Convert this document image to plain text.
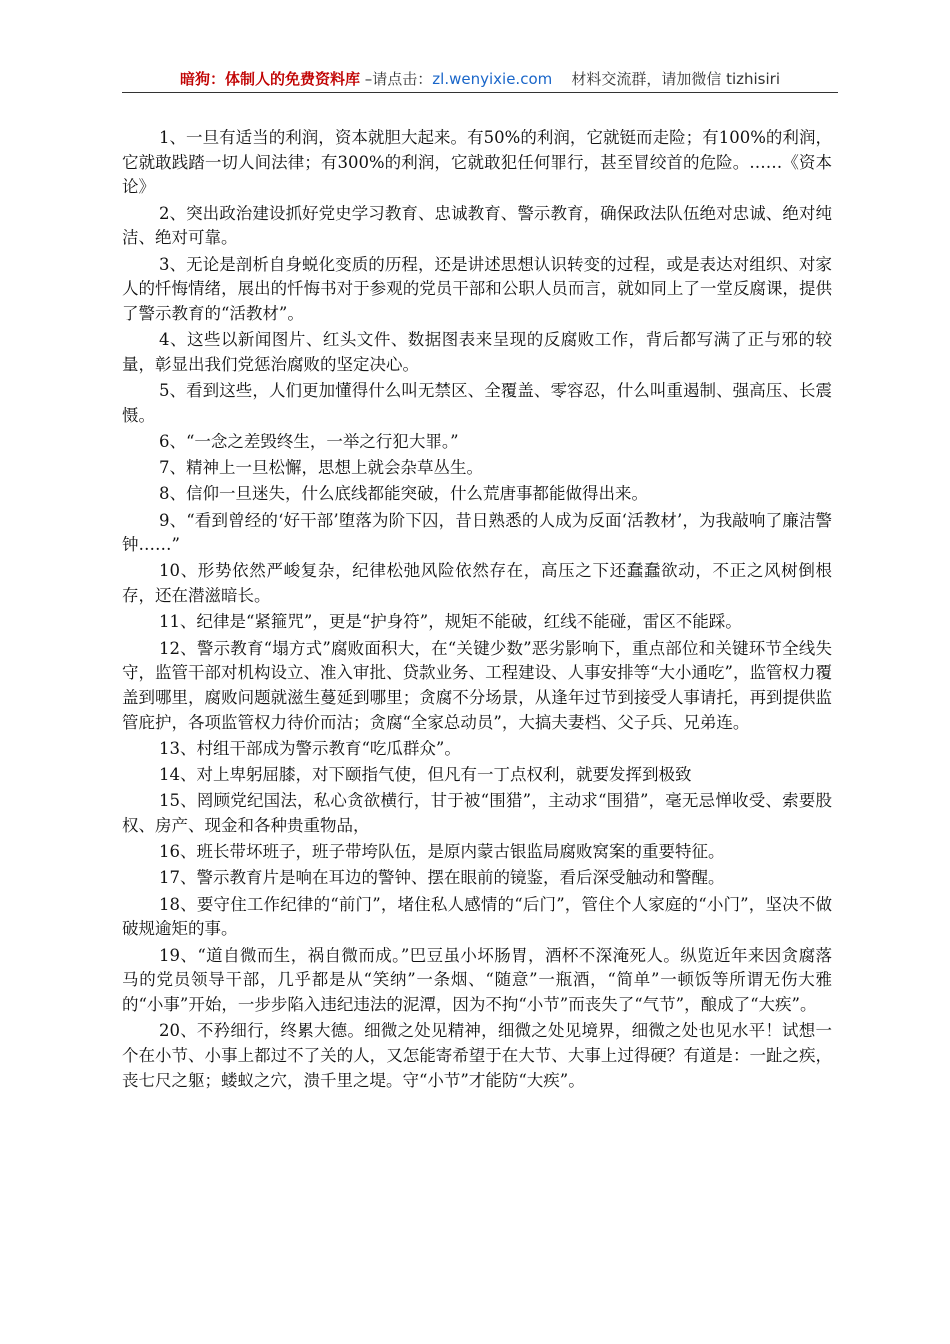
暗狗：体制人的免费资料库 –请点击：zl.wenyixie.com 材料交流群，请加微信 tizhisiri

1、一旦有适当的利润，资本就胆大起来。有50%的利润，它就铤而走险；有100%的利润，它就敢践踏一切人间法律；有300%的利润，它就敢犯任何罪行，甚至冒绞首的危险。……《资本论》

2、突出政治建设抓好党史学习教育、忠诚教育、警示教育，确保政法队伍绝对忠诚、绝对纯洁、绝对可靠。

3、无论是剖析自身蜕化变质的历程，还是讲述思想认识转变的过程，或是表达对组织、对家人的忏悔情绪，展出的忏悔书对于参观的党员干部和公职人员而言，就如同上了一堂反腐课，提供了警示教育的“活教材”。

4、这些以新闻图片、红头文件、数据图表来呈现的反腐败工作，背后都写满了正与邪的较量，彰显出我们党惩治腐败的坚定决心。

5、看到这些，人们更加懂得什么叫无禁区、全覆盖、零容忍，什么叫重遏制、强高压、长震慑。

6、“一念之差毁终生，一举之行犯大罪。”

7、精神上一旦松懈，思想上就会杂草丛生。

8、信仰一旦迷失，什么底线都能突破，什么荒唐事都能做得出来。

9、“看到曾经的‘好干部’堕落为阶下囚，昔日熟悉的人成为反面‘活教材’，为我敲响了廉洁警钟……”

10、形势依然严峻复杂，纪律松弛风险依然存在，高压之下还蠢蠢欲动，不正之风树倒根存，还在潜滋暗长。

11、纪律是“紧箍咒”，更是“护身符”，规矩不能破，红线不能碰，雷区不能踩。

12、警示教育“塌方式”腐败面积大，在“关键少数”恶劣影响下，重点部位和关键环节全线失守，监管干部对机构设立、准入审批、贷款业务、工程建设、人事安排等“大小通吃”，监管权力覆盖到哪里，腐败问题就滋生蔓延到哪里；贪腐不分场景，从逢年过节到接受人事请托，再到提供监管庇护，各项监管权力待价而沽；贪腐“全家总动员”，大搞夫妻档、父子兵、兄弟连。

13、村组干部成为警示教育“吃瓜群众”。

14、对上卑躬屈膝，对下颐指气使，但凡有一丁点权利，就要发挥到极致

15、罔顾党纪国法，私心贪欲横行，甘于被“围猎”，主动求“围猎”，毫无忌惮收受、索要股权、房产、现金和各种贵重物品，

16、班长带坏班子，班子带垮队伍，是原内蒙古银监局腐败窝案的重要特征。

17、警示教育片是响在耳边的警钟、摆在眼前的镜鉴，看后深受触动和警醒。

18、要守住工作纪律的“前门”，堵住私人感情的“后门”，管住个人家庭的“小门”，坚决不做破规逾矩的事。

19、“道自微而生，祸自微而成。”巴豆虽小坏肠胃，酒杯不深淹死人。纵览近年来因贪腐落马的党员领导干部，几乎都是从“笑纳”一条烟、“随意”一瓶酒，“简单”一顿饭等所谓无伤大雅的“小事”开始，一步步陷入违纪违法的泥潭，因为不拘“小节”而丧失了“气节”，酿成了“大疾”。

20、不矜细行，终累大德。细微之处见精神，细微之处见境界，细微之处也见水平！试想一个在小节、小事上都过不了关的人，又怎能寄希望于在大节、大事上过得硬？有道是：一趾之疾，丧七尺之躯；蝼蚁之穴，溃千里之堤。守“小节”才能防“大疾”。
